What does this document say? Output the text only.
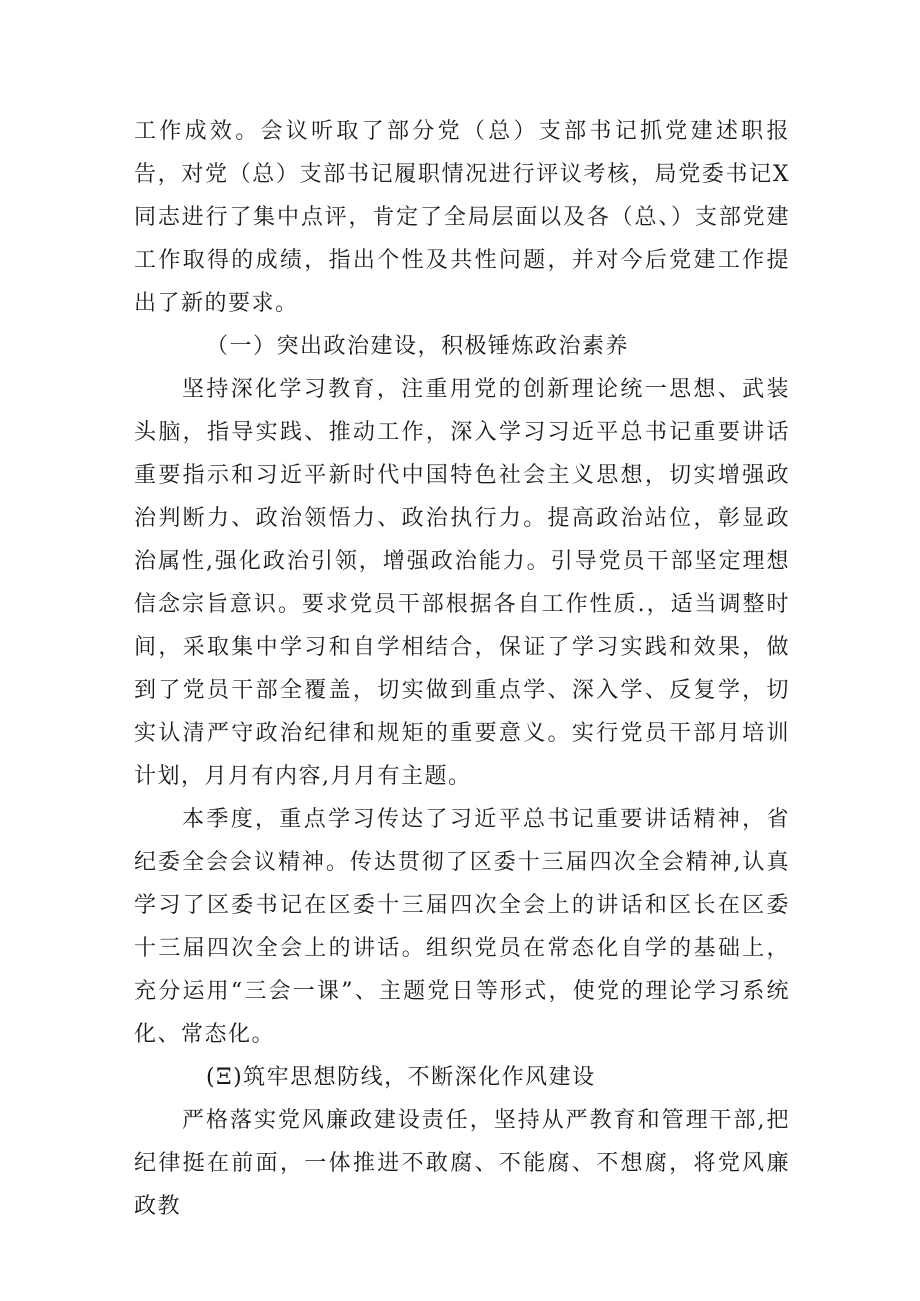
工作成效。会议听取了部分党（总）支部书记抓党建述职报告，对党（总）支部书记履职情况进行评议考核，局党委书记X同志进行了集中点评，肯定了全局层面以及各（总、）支部党建工作取得的成绩，指出个性及共性问题，并对今后党建工作提出了新的要求。

（一）突出政治建设，积极锤炼政治素养

坚持深化学习教育，注重用党的创新理论统一思想、武装头脑，指导实践、推动工作，深入学习习近平总书记重要讲话重要指示和习近平新时代中国特色社会主义思想，切实增强政治判断力、政治领悟力、政治执行力。提高政治站位，彰显政治属性,强化政治引领，增强政治能力。引导党员干部坚定理想信念宗旨意识。要求党员干部根据各自工作性质.，适当调整时间，采取集中学习和自学相结合，保证了学习实践和效果，做到了党员干部全覆盖，切实做到重点学、深入学、反复学，切实认清严守政治纪律和规矩的重要意义。实行党员干部月培训计划，月月有内容,月月有主题。

本季度，重点学习传达了习近平总书记重要讲话精神，省纪委全会会议精神。传达贯彻了区委十三届四次全会精神,认真学习了区委书记在区委十三届四次全会上的讲话和区长在区委十三届四次全会上的讲话。组织党员在常态化自学的基础上，充分运用“三会一课”、主题党日等形式，使党的理论学习系统化、常态化。

(Ξ)筑牢思想防线，不断深化作风建设

严格落实党风廉政建设责任，坚持从严教育和管理干部,把纪律挺在前面，一体推进不敢腐、不能腐、不想腐，将党风廉政教
